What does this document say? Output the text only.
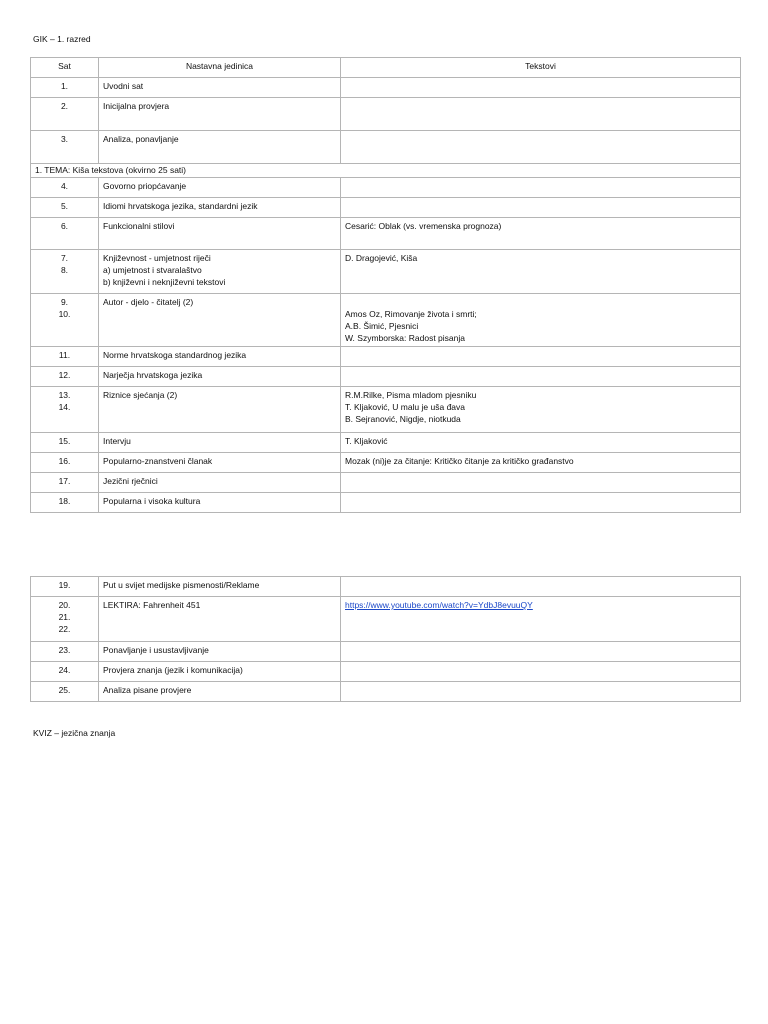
GIK – 1. razred
Sat	Nastavna jedinica	Tekstovi

1.	Uvodni sat	

2.	Inicijalna provjera	

3.	Analiza, ponavljanje	

1. TEMA: Kiša tekstova (okvirno 25 sati)		

4.	Govorno priopćavanje	

5.	Idiomi hrvatskoga jezika, standardni jezik	

6.	Funkcionalni stilovi	Cesarić: Oblak (vs. vremenska prognoza)

7.
8.	Književnost - umjetnost riječi
a) umjetnost i stvaralaštvo
b) književni i neknjiževni tekstovi	D. Dragojević, Kiša

9.
10.	Autor - djelo - čitatelj (2)	Amos Oz, Rimovanje života i smrti;
A.B. Šimić, Pjesnici
W. Szymborska: Radost pisanja

11.	Norme hrvatskoga standardnog jezika	

12.	Narječja hrvatskoga jezika	

13.
14.	Riznice sjećanja (2)	R.M.Rilke, Pisma mladom pjesniku
T. Kljaković, U malu je uša đava
B. Sejranović, Nigdje, niotkuda

15.	Intervju	T. Kljaković

16.	Popularno-znanstveni članak	Mozak (ni)je za čitanje: Kritičko čitanje za kritičko građanstvo

17.	Jezični rječnici	

18.	Popularna i visoka kultura	

19.	Put u svijet medijske pismenosti/Reklame	

20.
21.
22.	LEKTIRA: Fahrenheit 451	https://www.youtube.com/watch?v=YdbJ8evuuQY

23.	Ponavljanje i usustavljivanje	

24.	Provjera znanja (jezik i komunikacija)	

25.	Analiza pisane provjere	

KVIZ – jezična znanja
